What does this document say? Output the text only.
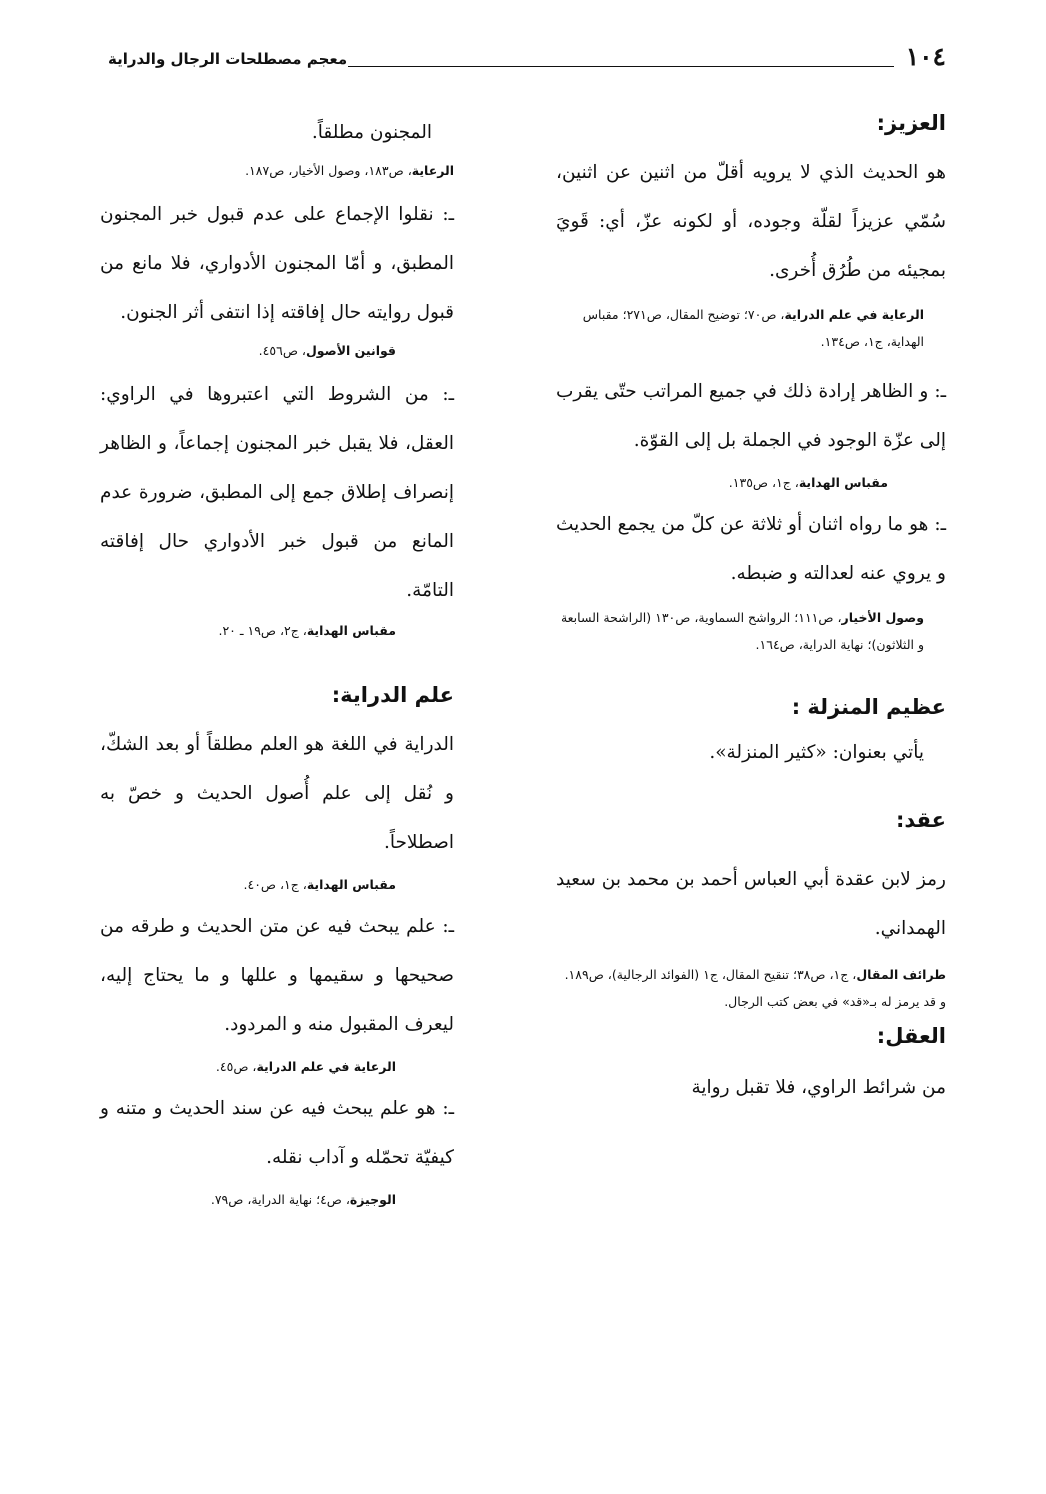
١٠٤
معجم مصطلحات الرجال والدراية
العزيز:

هو الحديث الذي لا يرويه أقلّ من اثنين عن اثنين، سُمّي عزيزاً لقلّة وجوده، أو لكونه عزّ، أي: قَويَ بمجيئه من طُرُق أُخرى.

الرعاية في علم الدراية، ص٧٠؛ توضيح المقال، ص٢٧١؛ مقباس الهداية، ج١، ص١٣٤.

ـ: و الظاهر إرادة ذلك في جميع المراتب حتّى يقرب إلى عزّة الوجود في الجملة بل إلى القوّة.

مقباس الهداية، ج١، ص١٣٥.

ـ: هو ما رواه اثنان أو ثلاثة عن كلّ من يجمع الحديث و يروي عنه لعدالته و ضبطه.

وصول الأخيار، ص١١١؛ الرواشح السماوية، ص١٣٠ (الراشحة السابعة و الثلاثون)؛ نهاية الدراية، ص١٦٤.

عظيم المنزلة :

يأتي بعنوان: «كثير المنزلة».

عقد:

رمز لابن عقدة أبي العباس أحمد بن محمد بن سعيد الهمداني.

طرائف المقال، ج١، ص٣٨؛ تنقيح المقال، ج١ (الفوائد الرجالية)، ص١٨٩. و قد يرمز له بـ«قد» في بعض كتب الرجال.

العقل:

من شرائط الراوي، فلا تقبل رواية

المجنون مطلقاً.

الرعاية، ص١٨٣، وصول الأخيار، ص١٨٧.

ـ: نقلوا الإجماع على عدم قبول خبر المجنون المطبق، و أمّا المجنون الأدواري، فلا مانع من قبول روايته حال إفاقته إذا انتفى أثر الجنون.

قوانين الأصول، ص٤٥٦.

ـ: من الشروط التي اعتبروها في الراوي: العقل، فلا يقبل خبر المجنون إجماعاً، و الظاهر إنصراف إطلاق جمع إلى المطبق، ضرورة عدم المانع من قبول خبر الأدواري حال إفاقته التامّة.

مقباس الهداية، ج٢، ص١٩ ـ ٢٠.

علم الدراية:

الدراية في اللغة هو العلم مطلقاً أو بعد الشكّ، و نُقل إلى علم أُصول الحديث و خصّ به اصطلاحاً.

مقباس الهداية، ج١، ص٤٠.

ـ: علم يبحث فيه عن متن الحديث و طرقه من صحيحها و سقيمها و عللها و ما يحتاج إليه، ليعرف المقبول منه و المردود.

الرعاية في علم الدراية، ص٤٥.

ـ: هو علم يبحث فيه عن سند الحديث و متنه و كيفيّة تحمّله و آداب نقله.

الوجيزة، ص٤؛ نهاية الدراية، ص٧٩.
